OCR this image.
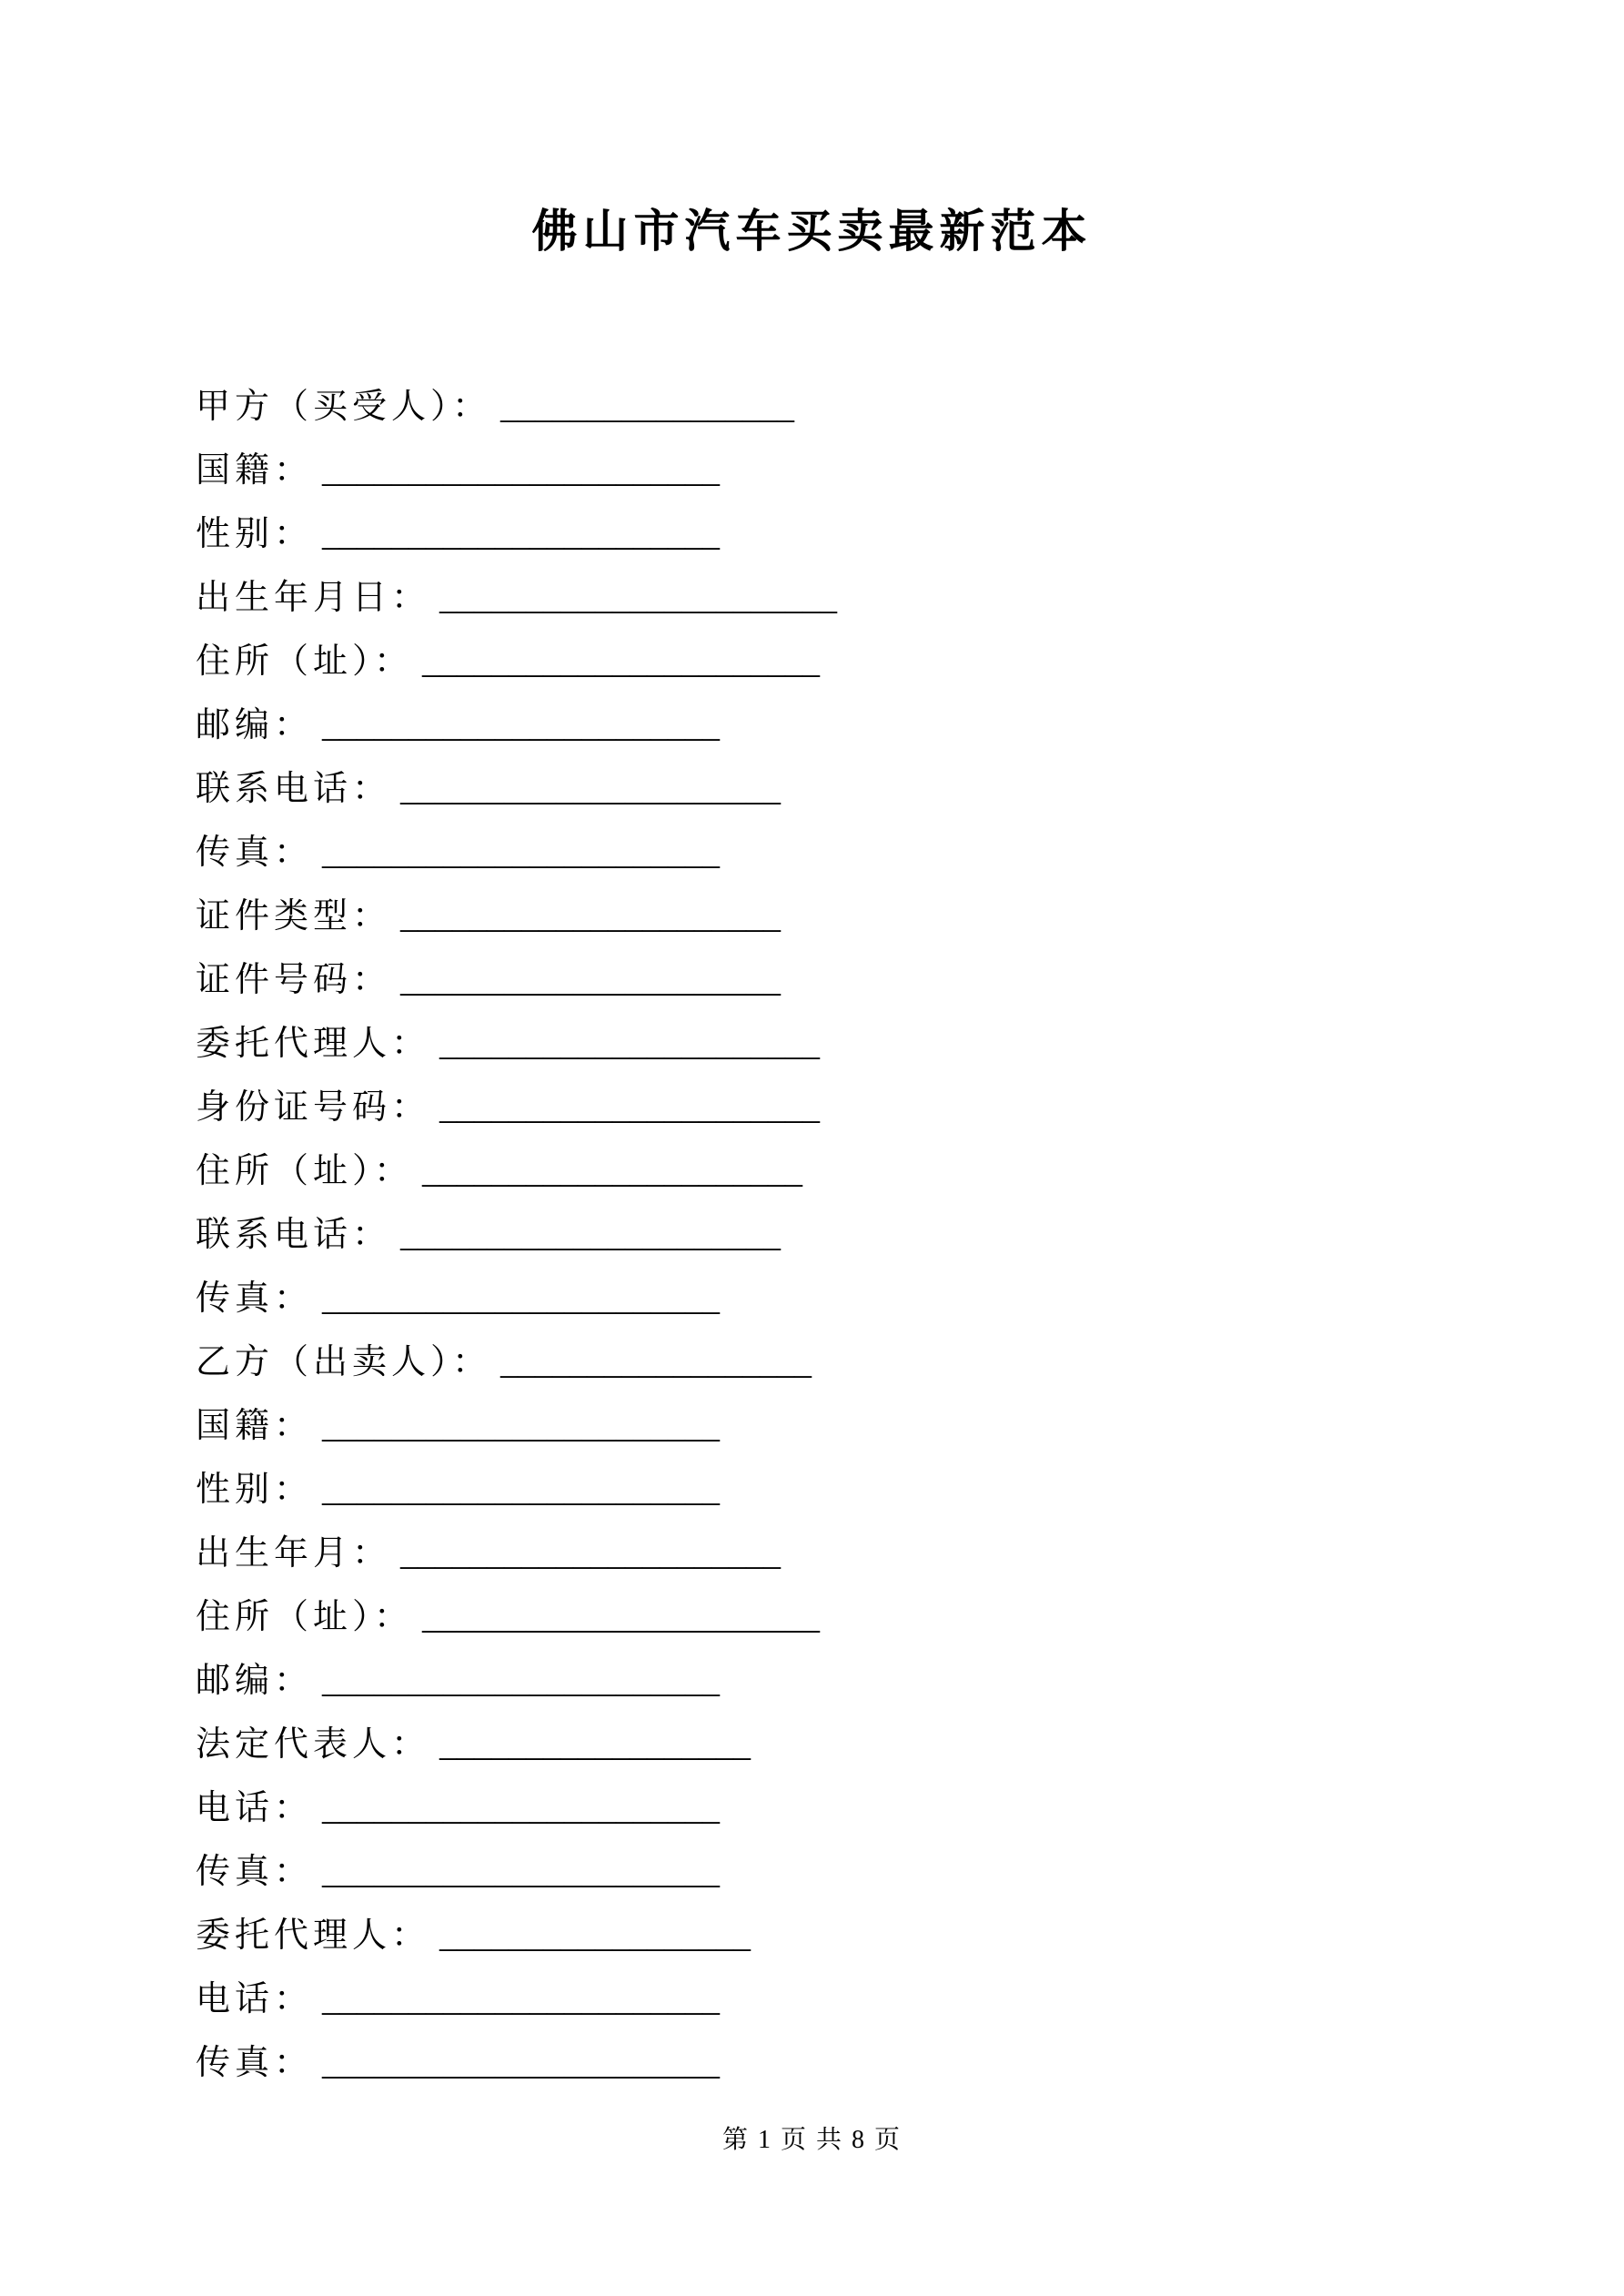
佛山市汽车买卖最新范本
甲方（买受人）： _________________
国籍： _______________________
性别： _______________________
出生年月日： _______________________
住所（址）： _______________________
邮编： _______________________
联系电话： ______________________
传真： _______________________
证件类型： ______________________
证件号码： ______________________
委托代理人： ______________________
身份证号码： ______________________
住所（址）： ______________________
联系电话： ______________________
传真： _______________________
乙方（出卖人）： __________________
国籍： _______________________
性别： _______________________
出生年月： ______________________
住所（址）： _______________________
邮编： _______________________
法定代表人： __________________
电话： _______________________
传真： _______________________
委托代理人： __________________
电话： _______________________
传真： _______________________
第 1 页 共 8 页
